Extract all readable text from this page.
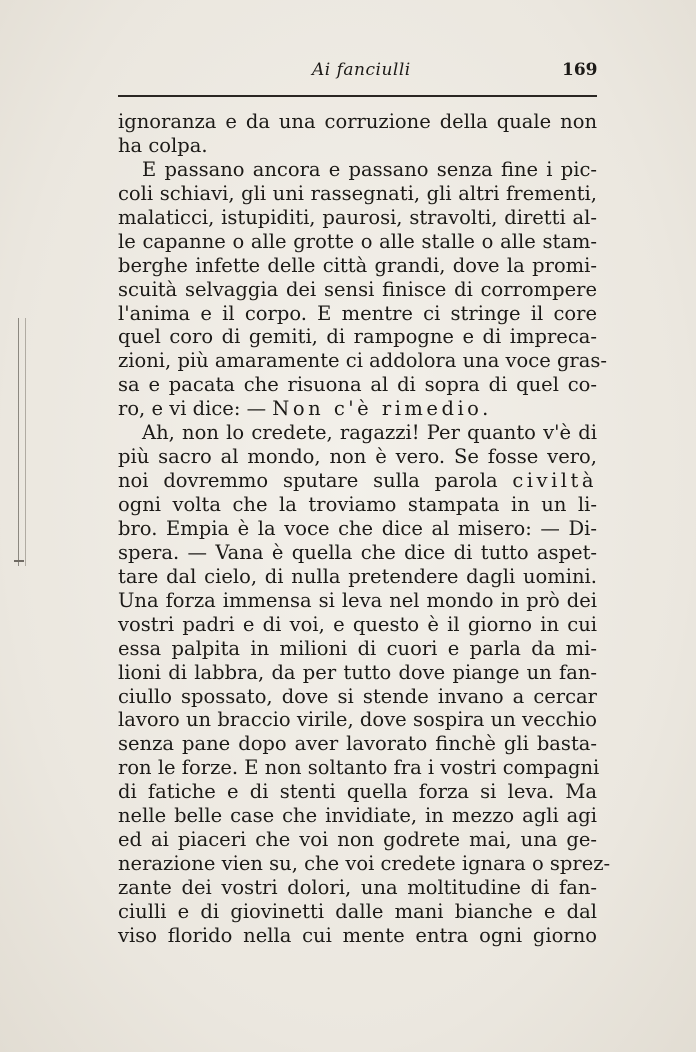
Ai fanciulli	169
ignoranza e da una corruzione della quale non
ha colpa.
E passano ancora e passano senza fine i pic-
coli schiavi, gli uni rassegnati, gli altri frementi,
malaticci, istupiditi, paurosi, stravolti, diretti al-
le capanne o alle grotte o alle stalle o alle stam-
berghe infette delle città grandi, dove la promi-
scuità selvaggia dei sensi finisce di corrompere
l'anima e il corpo. E mentre ci stringe il core
quel coro di gemiti, di rampogne e di impreca-
zioni, più amaramente ci addolora una voce gras-
sa e pacata che risuona al di sopra di quel co-
ro, e vi dice: — Non c'è rimedio.
Ah, non lo credete, ragazzi! Per quanto v'è di
più sacro al mondo, non è vero. Se fosse vero,
noi dovremmo sputare sulla parola civiltà
ogni volta che la troviamo stampata in un li-
bro. Empia è la voce che dice al misero: — Di-
spera. — Vana è quella che dice di tutto aspet-
tare dal cielo, di nulla pretendere dagli uomini.
Una forza immensa si leva nel mondo in prò dei
vostri padri e di voi, e questo è il giorno in cui
essa palpita in milioni di cuori e parla da mi-
lioni di labbra, da per tutto dove piange un fan-
ciullo spossato, dove si stende invano a cercar
lavoro un braccio virile, dove sospira un vecchio
senza pane dopo aver lavorato finchè gli basta-
ron le forze. E non soltanto fra i vostri compagni
di fatiche e di stenti quella forza si leva. Ma
nelle belle case che invidiate, in mezzo agli agi
ed ai piaceri che voi non godrete mai, una ge-
nerazione vien su, che voi credete ignara o sprez-
zante dei vostri dolori, una moltitudine di fan-
ciulli e di giovinetti dalle mani bianche e dal
viso florido nella cui mente entra ogni giorno
